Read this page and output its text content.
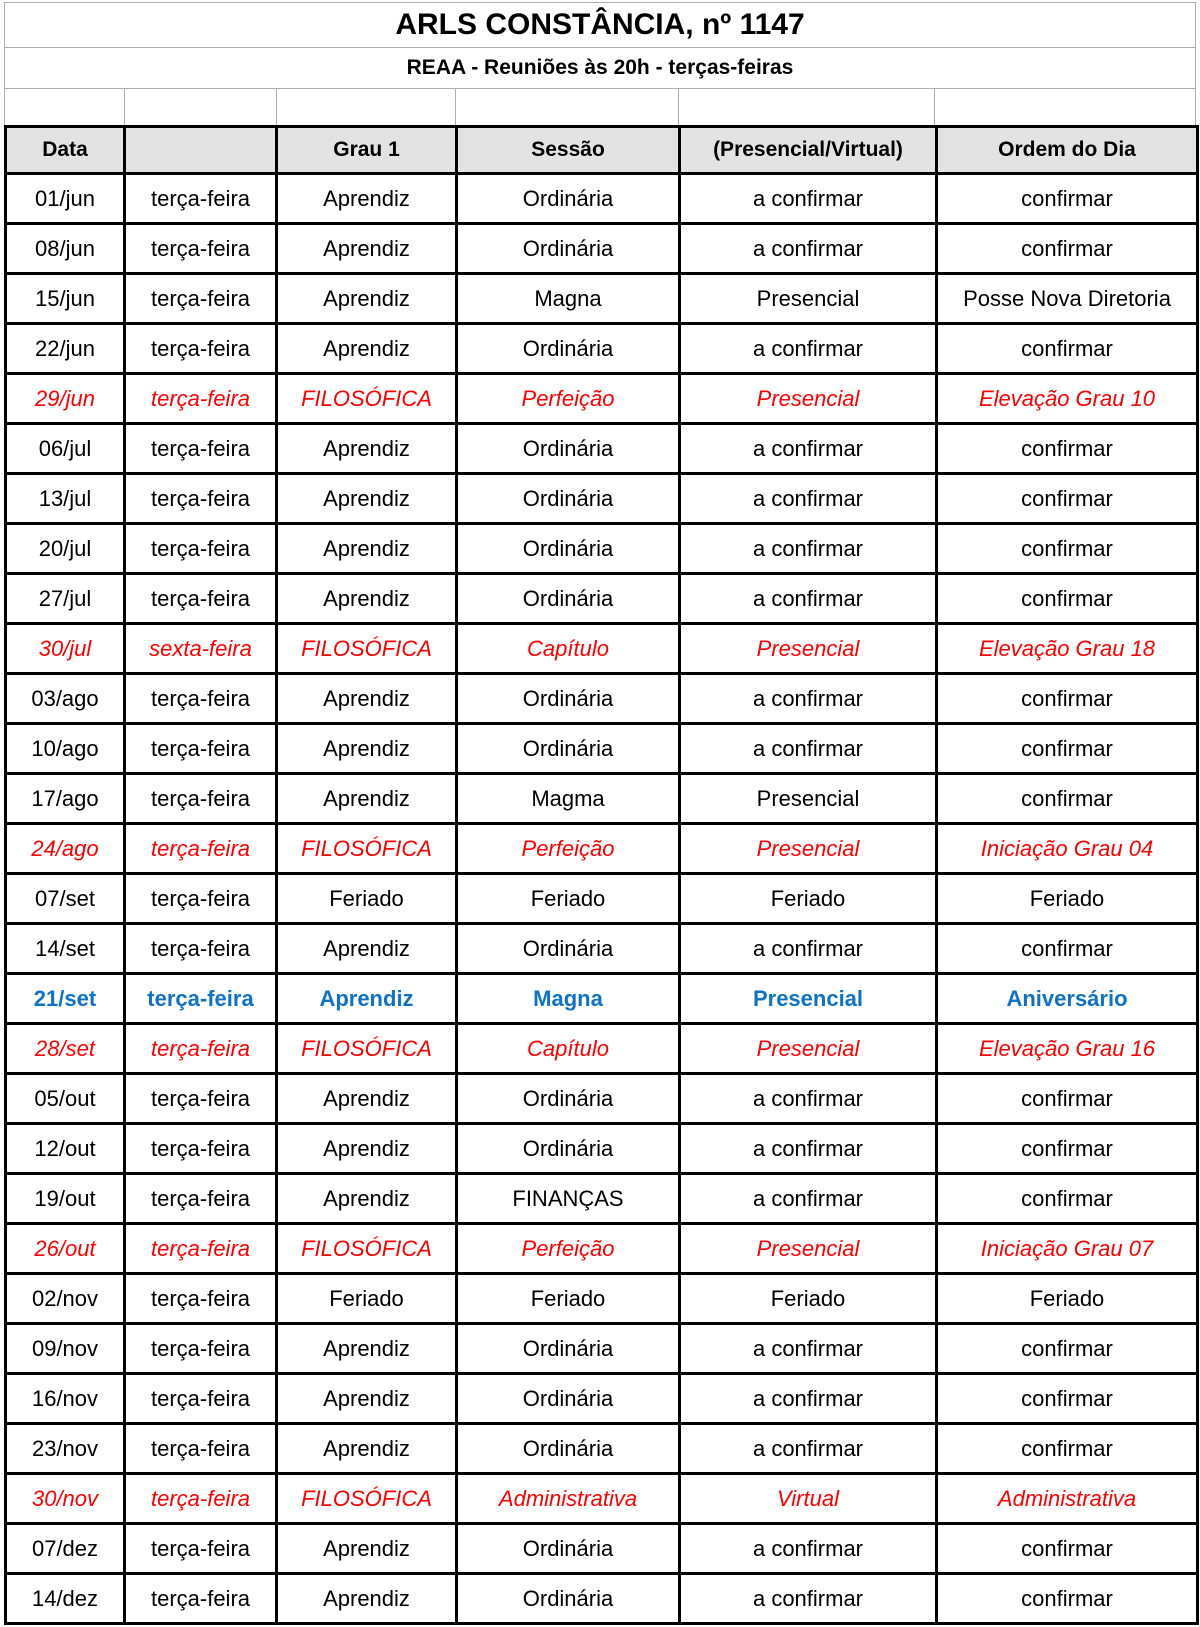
ARLS CONSTÂNCIA, nº 1147
REAA - Reuniões às 20h - terças-feiras
Data		Grau 1	Sessão	(Presencial/Virtual)	Ordem do Dia
01/jun	terça-feira	Aprendiz	Ordinária	a confirmar	confirmar
08/jun	terça-feira	Aprendiz	Ordinária	a confirmar	confirmar
15/jun	terça-feira	Aprendiz	Magna	Presencial	Posse Nova Diretoria
22/jun	terça-feira	Aprendiz	Ordinária	a confirmar	confirmar
29/jun	terça-feira	FILOSÓFICA	Perfeição	Presencial	Elevação Grau 10
06/jul	terça-feira	Aprendiz	Ordinária	a confirmar	confirmar
13/jul	terça-feira	Aprendiz	Ordinária	a confirmar	confirmar
20/jul	terça-feira	Aprendiz	Ordinária	a confirmar	confirmar
27/jul	terça-feira	Aprendiz	Ordinária	a confirmar	confirmar
30/jul	sexta-feira	FILOSÓFICA	Capítulo	Presencial	Elevação Grau 18
03/ago	terça-feira	Aprendiz	Ordinária	a confirmar	confirmar
10/ago	terça-feira	Aprendiz	Ordinária	a confirmar	confirmar
17/ago	terça-feira	Aprendiz	Magma	Presencial	confirmar
24/ago	terça-feira	FILOSÓFICA	Perfeição	Presencial	Iniciação Grau 04
07/set	terça-feira	Feriado	Feriado	Feriado	Feriado
14/set	terça-feira	Aprendiz	Ordinária	a confirmar	confirmar
21/set	terça-feira	Aprendiz	Magna	Presencial	Aniversário
28/set	terça-feira	FILOSÓFICA	Capítulo	Presencial	Elevação Grau 16
05/out	terça-feira	Aprendiz	Ordinária	a confirmar	confirmar
12/out	terça-feira	Aprendiz	Ordinária	a confirmar	confirmar
19/out	terça-feira	Aprendiz	FINANÇAS	a confirmar	confirmar
26/out	terça-feira	FILOSÓFICA	Perfeição	Presencial	Iniciação Grau 07
02/nov	terça-feira	Feriado	Feriado	Feriado	Feriado
09/nov	terça-feira	Aprendiz	Ordinária	a confirmar	confirmar
16/nov	terça-feira	Aprendiz	Ordinária	a confirmar	confirmar
23/nov	terça-feira	Aprendiz	Ordinária	a confirmar	confirmar
30/nov	terça-feira	FILOSÓFICA	Administrativa	Virtual	Administrativa
07/dez	terça-feira	Aprendiz	Ordinária	a confirmar	confirmar
14/dez	terça-feira	Aprendiz	Ordinária	a confirmar	confirmar
